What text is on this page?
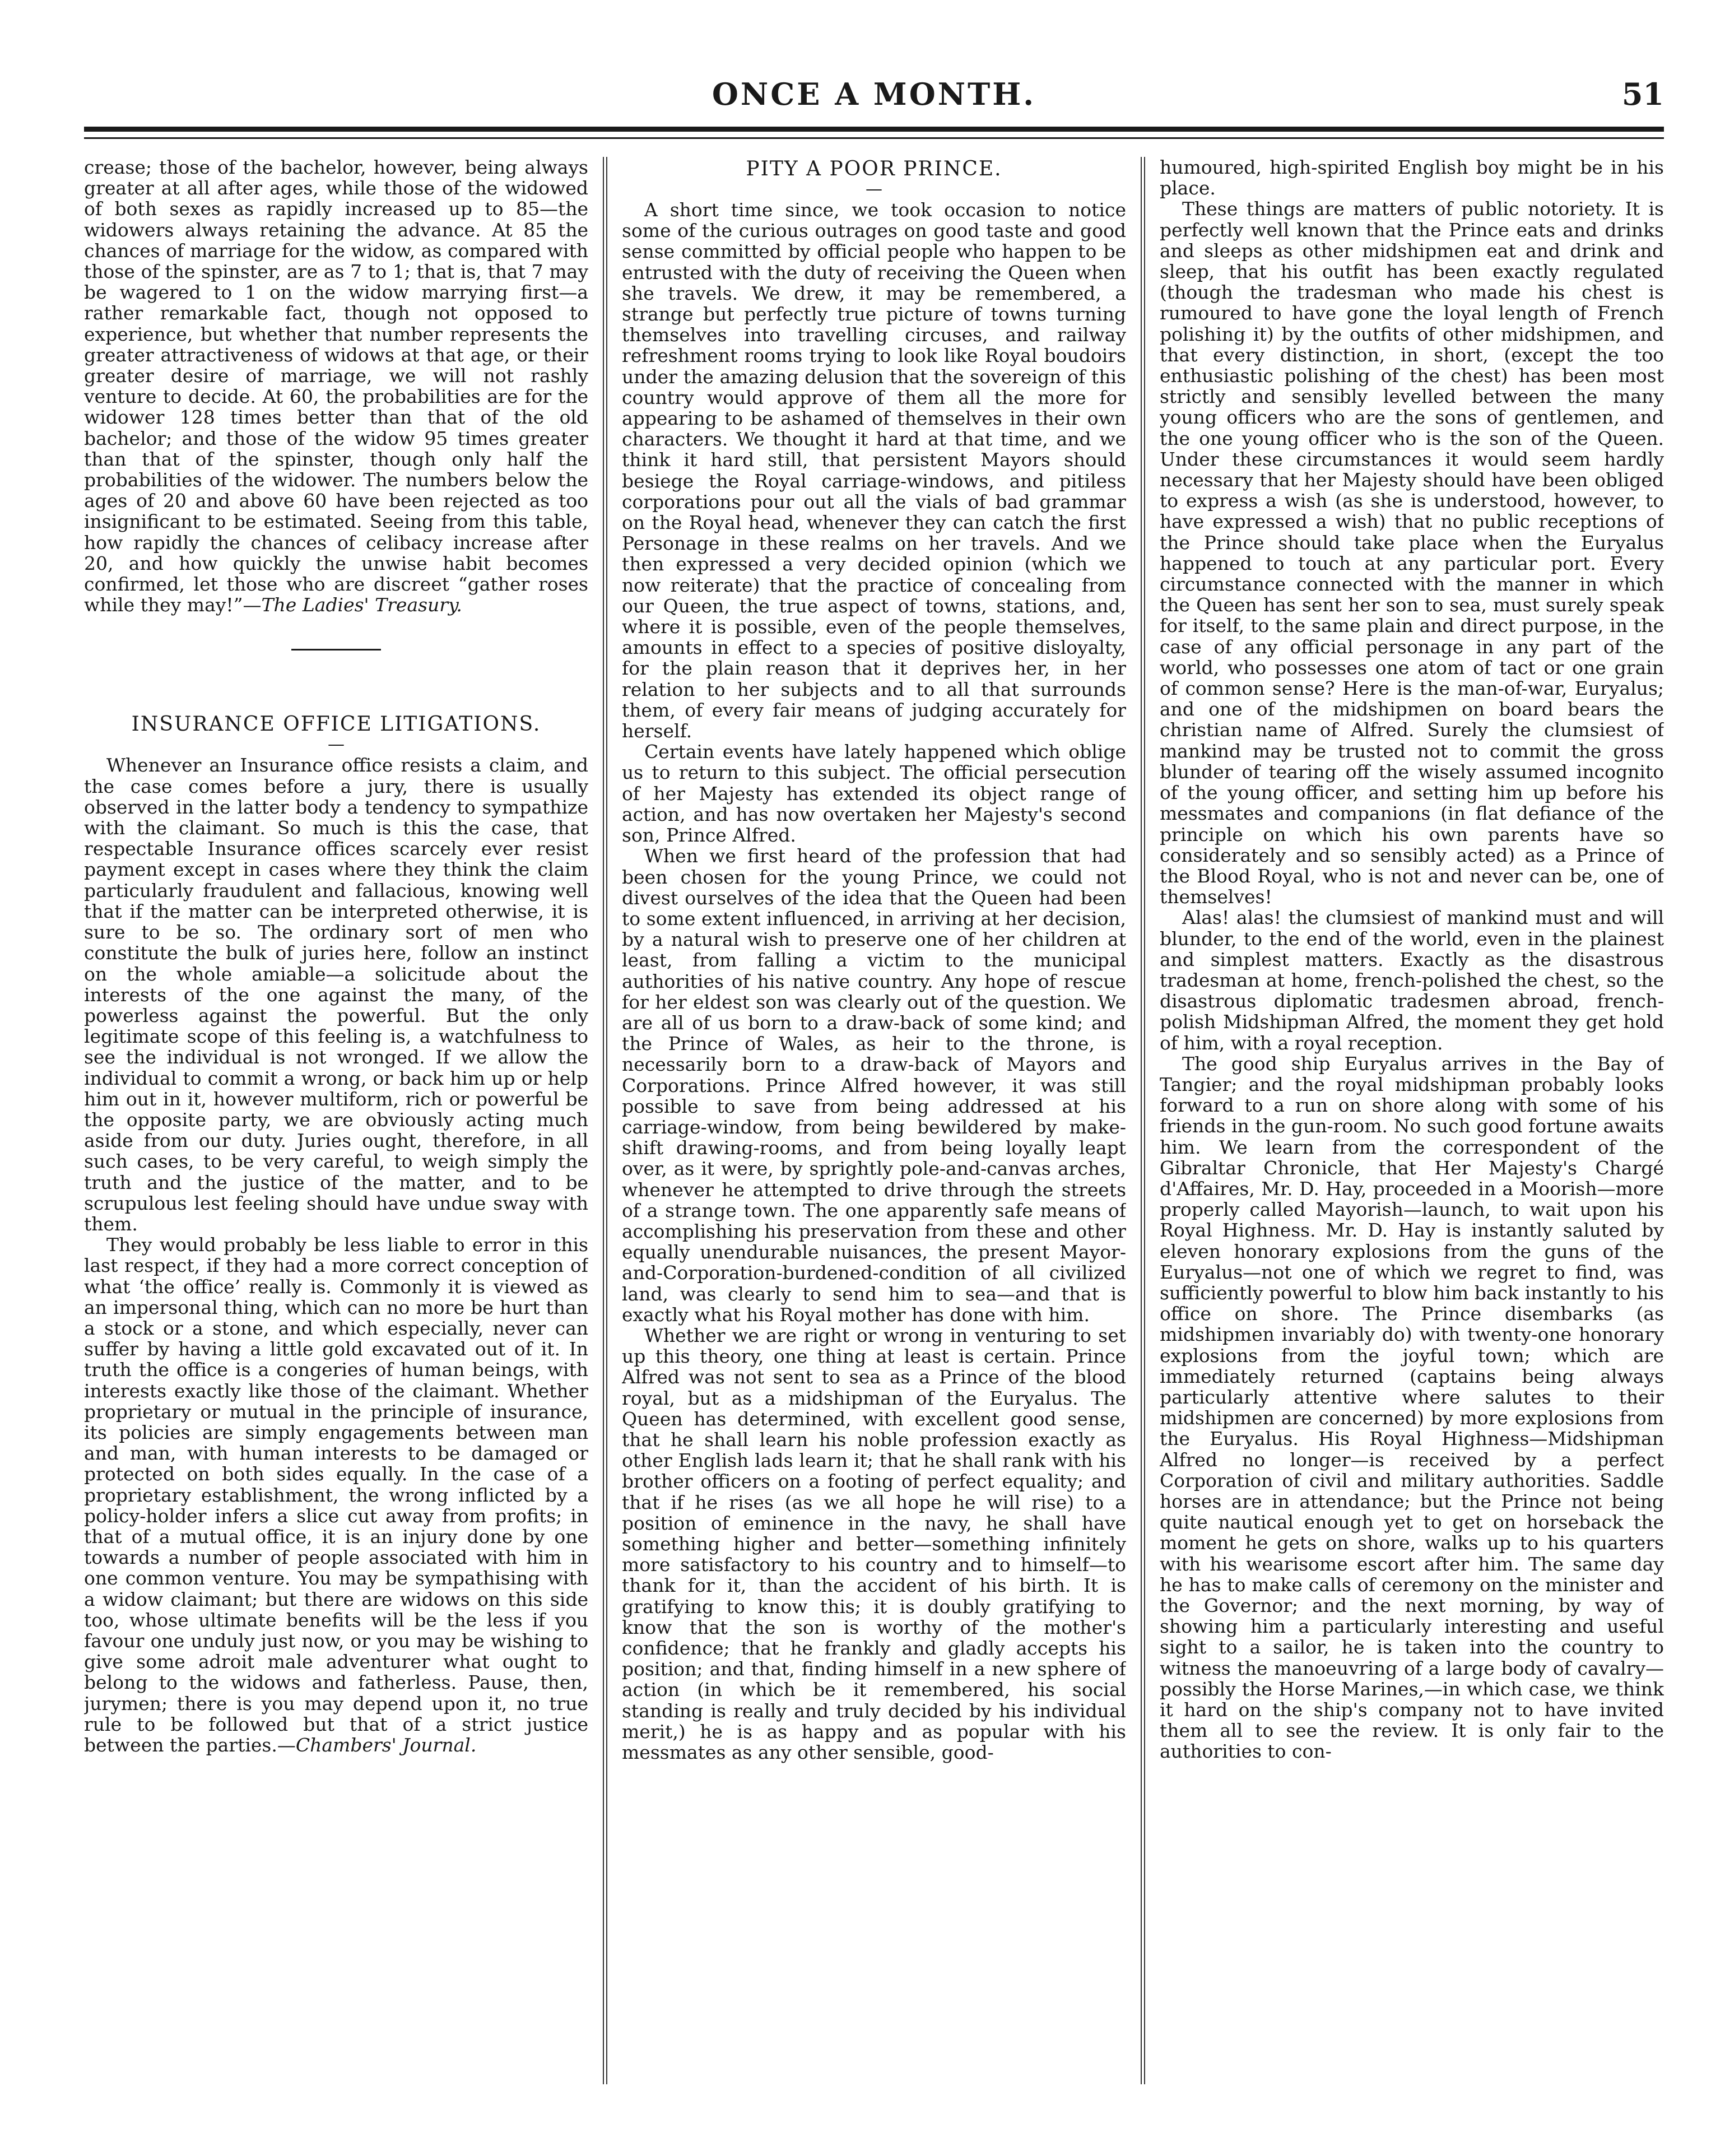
ONCE A MONTH.	51

crease; those of the bachelor, however, being always greater at all after ages, while those of the widowed of both sexes as rapidly increased up to 85—the widowers always retaining the advance. At 85 the chances of marriage for the widow, as compared with those of the spinster, are as 7 to 1; that is, that 7 may be wagered to 1 on the widow marrying first—a rather remarkable fact, though not opposed to experience, but whether that number represents the greater attractiveness of widows at that age, or their greater desire of marriage, we will not rashly venture to decide. At 60, the probabilities are for the widower 128 times better than that of the old bachelor; and those of the widow 95 times greater than that of the spinster, though only half the probabilities of the widower. The numbers below the ages of 20 and above 60 have been rejected as too insignificant to be estimated. Seeing from this table, how rapidly the chances of celibacy increase after 20, and how quickly the unwise habit becomes confirmed, let those who are discreet “gather roses while they may!”—The Ladies' Treasury.

INSURANCE OFFICE LITIGATIONS.
—

Whenever an Insurance office resists a claim, and the case comes before a jury, there is usually observed in the latter body a tendency to sympathize with the claimant. So much is this the case, that respectable Insurance offices scarcely ever resist payment except in cases where they think the claim particularly fraudulent and fallacious, knowing well that if the matter can be interpreted otherwise, it is sure to be so. The ordinary sort of men who constitute the bulk of juries here, follow an instinct on the whole amiable—a solicitude about the interests of the one against the many, of the powerless against the powerful. But the only legitimate scope of this feeling is, a watchfulness to see the individual is not wronged. If we allow the individual to commit a wrong, or back him up or help him out in it, however multiform, rich or powerful be the opposite party, we are obviously acting much aside from our duty. Juries ought, therefore, in all such cases, to be very careful, to weigh simply the truth and the justice of the matter, and to be scrupulous lest feeling should have undue sway with them.

They would probably be less liable to error in this last respect, if they had a more correct conception of what ‘the office’ really is. Commonly it is viewed as an impersonal thing, which can no more be hurt than a stock or a stone, and which especially, never can suffer by having a little gold excavated out of it. In truth the office is a congeries of human beings, with interests exactly like those of the claimant. Whether proprietary or mutual in the principle of insurance, its policies are simply engagements between man and man, with human interests to be damaged or protected on both sides equally. In the case of a proprietary establishment, the wrong inflicted by a policy-holder infers a slice cut away from profits; in that of a mutual office, it is an injury done by one towards a number of people associated with him in one common venture. You may be sympathising with a widow claimant; but there are widows on this side too, whose ultimate benefits will be the less if you favour one unduly just now, or you may be wishing to give some adroit male adventurer what ought to belong to the widows and fatherless. Pause, then, jurymen; there is you may depend upon it, no true rule to be followed but that of a strict justice between the parties.—Chambers' Journal.

PITY A POOR PRINCE.
—

A short time since, we took occasion to notice some of the curious outrages on good taste and good sense committed by official people who happen to be entrusted with the duty of receiving the Queen when she travels. We drew, it may be remembered, a strange but perfectly true picture of towns turning themselves into travelling circuses, and railway refreshment rooms trying to look like Royal boudoirs under the amazing delusion that the sovereign of this country would approve of them all the more for appearing to be ashamed of themselves in their own characters. We thought it hard at that time, and we think it hard still, that persistent Mayors should besiege the Royal carriage-windows, and pitiless corporations pour out all the vials of bad grammar on the Royal head, whenever they can catch the first Personage in these realms on her travels. And we then expressed a very decided opinion (which we now reiterate) that the practice of concealing from our Queen, the true aspect of towns, stations, and, where it is possible, even of the people themselves, amounts in effect to a species of positive disloyalty, for the plain reason that it deprives her, in her relation to her subjects and to all that surrounds them, of every fair means of judging accurately for herself.

Certain events have lately happened which oblige us to return to this subject. The official persecution of her Majesty has extended its object range of action, and has now overtaken her Majesty's second son, Prince Alfred.

When we first heard of the profession that had been chosen for the young Prince, we could not divest ourselves of the idea that the Queen had been to some extent influenced, in arriving at her decision, by a natural wish to preserve one of her children at least, from falling a victim to the municipal authorities of his native country. Any hope of rescue for her eldest son was clearly out of the question. We are all of us born to a draw-back of some kind; and the Prince of Wales, as heir to the throne, is necessarily born to a draw-back of Mayors and Corporations. Prince Alfred however, it was still possible to save from being addressed at his carriage-window, from being bewildered by make-shift drawing-rooms, and from being loyally leapt over, as it were, by sprightly pole-and-canvas arches, whenever he attempted to drive through the streets of a strange town. The one apparently safe means of accomplishing his preservation from these and other equally unendurable nuisances, the present Mayor-and-Corporation-burdened-condition of all civilized land, was clearly to send him to sea—and that is exactly what his Royal mother has done with him.

Whether we are right or wrong in venturing to set up this theory, one thing at least is certain. Prince Alfred was not sent to sea as a Prince of the blood royal, but as a midshipman of the Euryalus. The Queen has determined, with excellent good sense, that he shall learn his noble profession exactly as other English lads learn it; that he shall rank with his brother officers on a footing of perfect equality; and that if he rises (as we all hope he will rise) to a position of eminence in the navy, he shall have something higher and better—something infinitely more satisfactory to his country and to himself—to thank for it, than the accident of his birth. It is gratifying to know this; it is doubly gratifying to know that the son is worthy of the mother's confidence; that he frankly and gladly accepts his position; and that, finding himself in a new sphere of action (in which be it remembered, his social standing is really and truly decided by his individual merit,) he is as happy and as popular with his messmates as any other sensible, good-

humoured, high-spirited English boy might be in his place.

These things are matters of public notoriety. It is perfectly well known that the Prince eats and drinks and sleeps as other midshipmen eat and drink and sleep, that his outfit has been exactly regulated (though the tradesman who made his chest is rumoured to have gone the loyal length of French polishing it) by the outfits of other midshipmen, and that every distinction, in short, (except the too enthusiastic polishing of the chest) has been most strictly and sensibly levelled between the many young officers who are the sons of gentlemen, and the one young officer who is the son of the Queen. Under these circumstances it would seem hardly necessary that her Majesty should have been obliged to express a wish (as she is understood, however, to have expressed a wish) that no public receptions of the Prince should take place when the Euryalus happened to touch at any particular port. Every circumstance connected with the manner in which the Queen has sent her son to sea, must surely speak for itself, to the same plain and direct purpose, in the case of any official personage in any part of the world, who possesses one atom of tact or one grain of common sense? Here is the man-of-war, Euryalus; and one of the midshipmen on board bears the christian name of Alfred. Surely the clumsiest of mankind may be trusted not to commit the gross blunder of tearing off the wisely assumed incognito of the young officer, and setting him up before his messmates and companions (in flat defiance of the principle on which his own parents have so considerately and so sensibly acted) as a Prince of the Blood Royal, who is not and never can be, one of themselves!

Alas! alas! the clumsiest of mankind must and will blunder, to the end of the world, even in the plainest and simplest matters. Exactly as the disastrous tradesman at home, french-polished the chest, so the disastrous diplomatic tradesmen abroad, french-polish Midshipman Alfred, the moment they get hold of him, with a royal reception.

The good ship Euryalus arrives in the Bay of Tangier; and the royal midshipman probably looks forward to a run on shore along with some of his friends in the gun-room. No such good fortune awaits him. We learn from the correspondent of the Gibraltar Chronicle, that Her Majesty's Chargé d'Affaires, Mr. D. Hay, proceeded in a Moorish—more properly called Mayorish—launch, to wait upon his Royal Highness. Mr. D. Hay is instantly saluted by eleven honorary explosions from the guns of the Euryalus—not one of which we regret to find, was sufficiently powerful to blow him back instantly to his office on shore. The Prince disembarks (as midshipmen invariably do) with twenty-one honorary explosions from the joyful town; which are immediately returned (captains being always particularly attentive where salutes to their midshipmen are concerned) by more explosions from the Euryalus. His Royal Highness—Midshipman Alfred no longer—is received by a perfect Corporation of civil and military authorities. Saddle horses are in attendance; but the Prince not being quite nautical enough yet to get on horseback the moment he gets on shore, walks up to his quarters with his wearisome escort after him. The same day he has to make calls of ceremony on the minister and the Governor; and the next morning, by way of showing him a particularly interesting and useful sight to a sailor, he is taken into the country to witness the manoeuvring of a large body of cavalry—possibly the Horse Marines,—in which case, we think it hard on the ship's company not to have invited them all to see the review. It is only fair to the authorities to con-
